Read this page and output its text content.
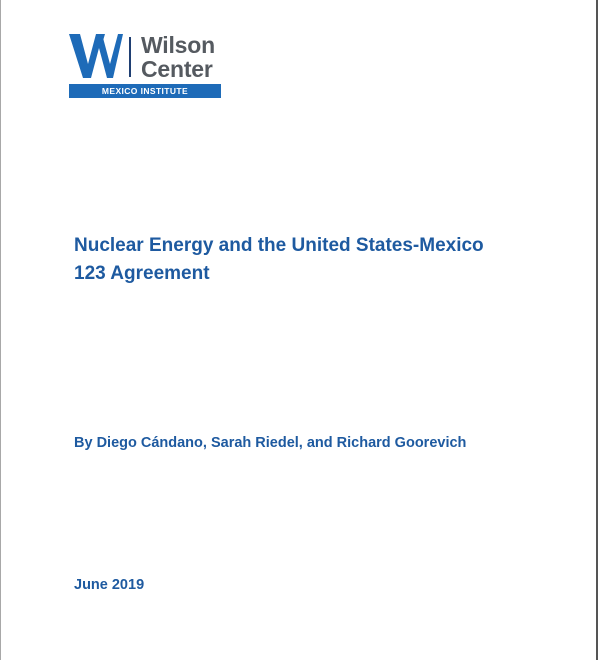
Wilson
Center
MEXICO INSTITUTE
Nuclear Energy and the United States-Mexico 123 Agreement
By Diego Cándano, Sarah Riedel, and Richard Goorevich
June 2019
